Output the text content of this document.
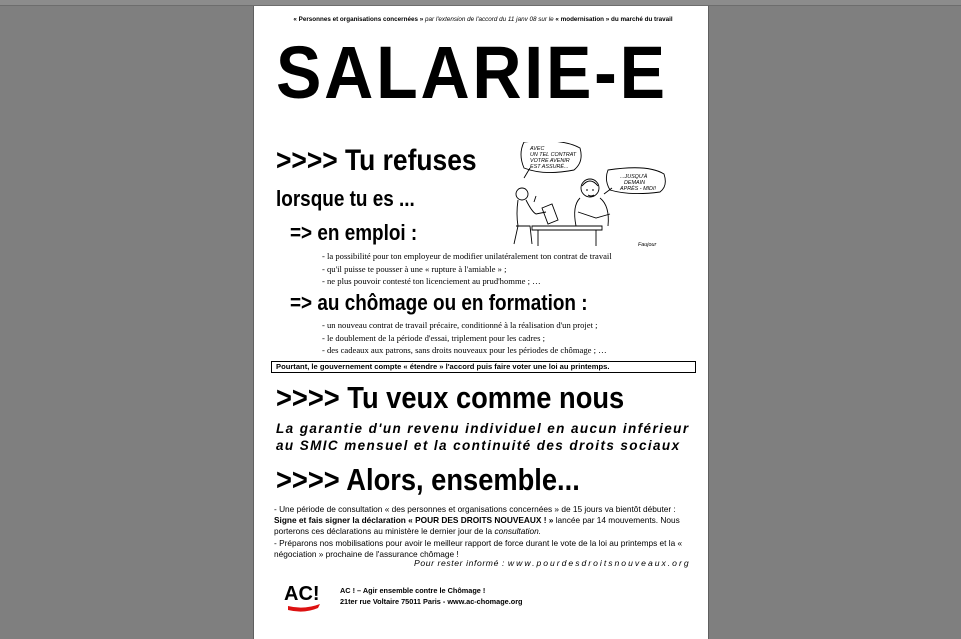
« Personnes et organisations concernées » par l'extension de l'accord du 11 janv 08 sur le « modernisation » du marché du travail

SALARIE-E
>>>> Tu refuses
lorsque tu es ...
AVEC
UN TEL CONTRAT
VOTRE AVENIR
EST ASSURÉ...
...JUSQU'À
DEMAIN
APRÈS - MIDI!
Faujour
=> en emploi :
- la possibilité pour ton employeur de modifier unilatéralement ton contrat de travail
- qu'il puisse te pousser à une « rupture à l'amiable » ;
- ne plus pouvoir contesté ton licenciement au prud'homme ; …
=> au chômage ou en formation :
- un nouveau contrat de travail précaire, conditionné à la réalisation d'un projet ;
- le doublement de la période d'essai, triplement pour les cadres ;
- des cadeaux aux patrons, sans droits nouveaux pour les périodes de chômage ; …
Pourtant, le gouvernement compte « étendre » l'accord puis faire voter une loi au printemps.
>>>> Tu veux comme nous
La garantie d'un revenu individuel en aucun inférieur
au SMIC mensuel et la continuité des droits sociaux
>>>> Alors, ensemble...
- Une période de consultation « des personnes et organisations concernées » de 15 jours va bientôt débuter : Signe et fais signer la déclaration « POUR DES DROITS NOUVEAUX ! » lancée par 14 mouvements. Nous porterons ces déclarations au ministère le dernier jour de la consultation.
- Préparons nos mobilisations pour avoir le meilleur rapport de force durant le vote de la loi au printemps et la « négociation » prochaine de l'assurance chômage !
Pour rester informé : www.pourdesdroitsnouveaux.org
AC!	AC ! – Agir ensemble contre le Chômage !
21ter rue Voltaire 75011 Paris - www.ac-chomage.org
